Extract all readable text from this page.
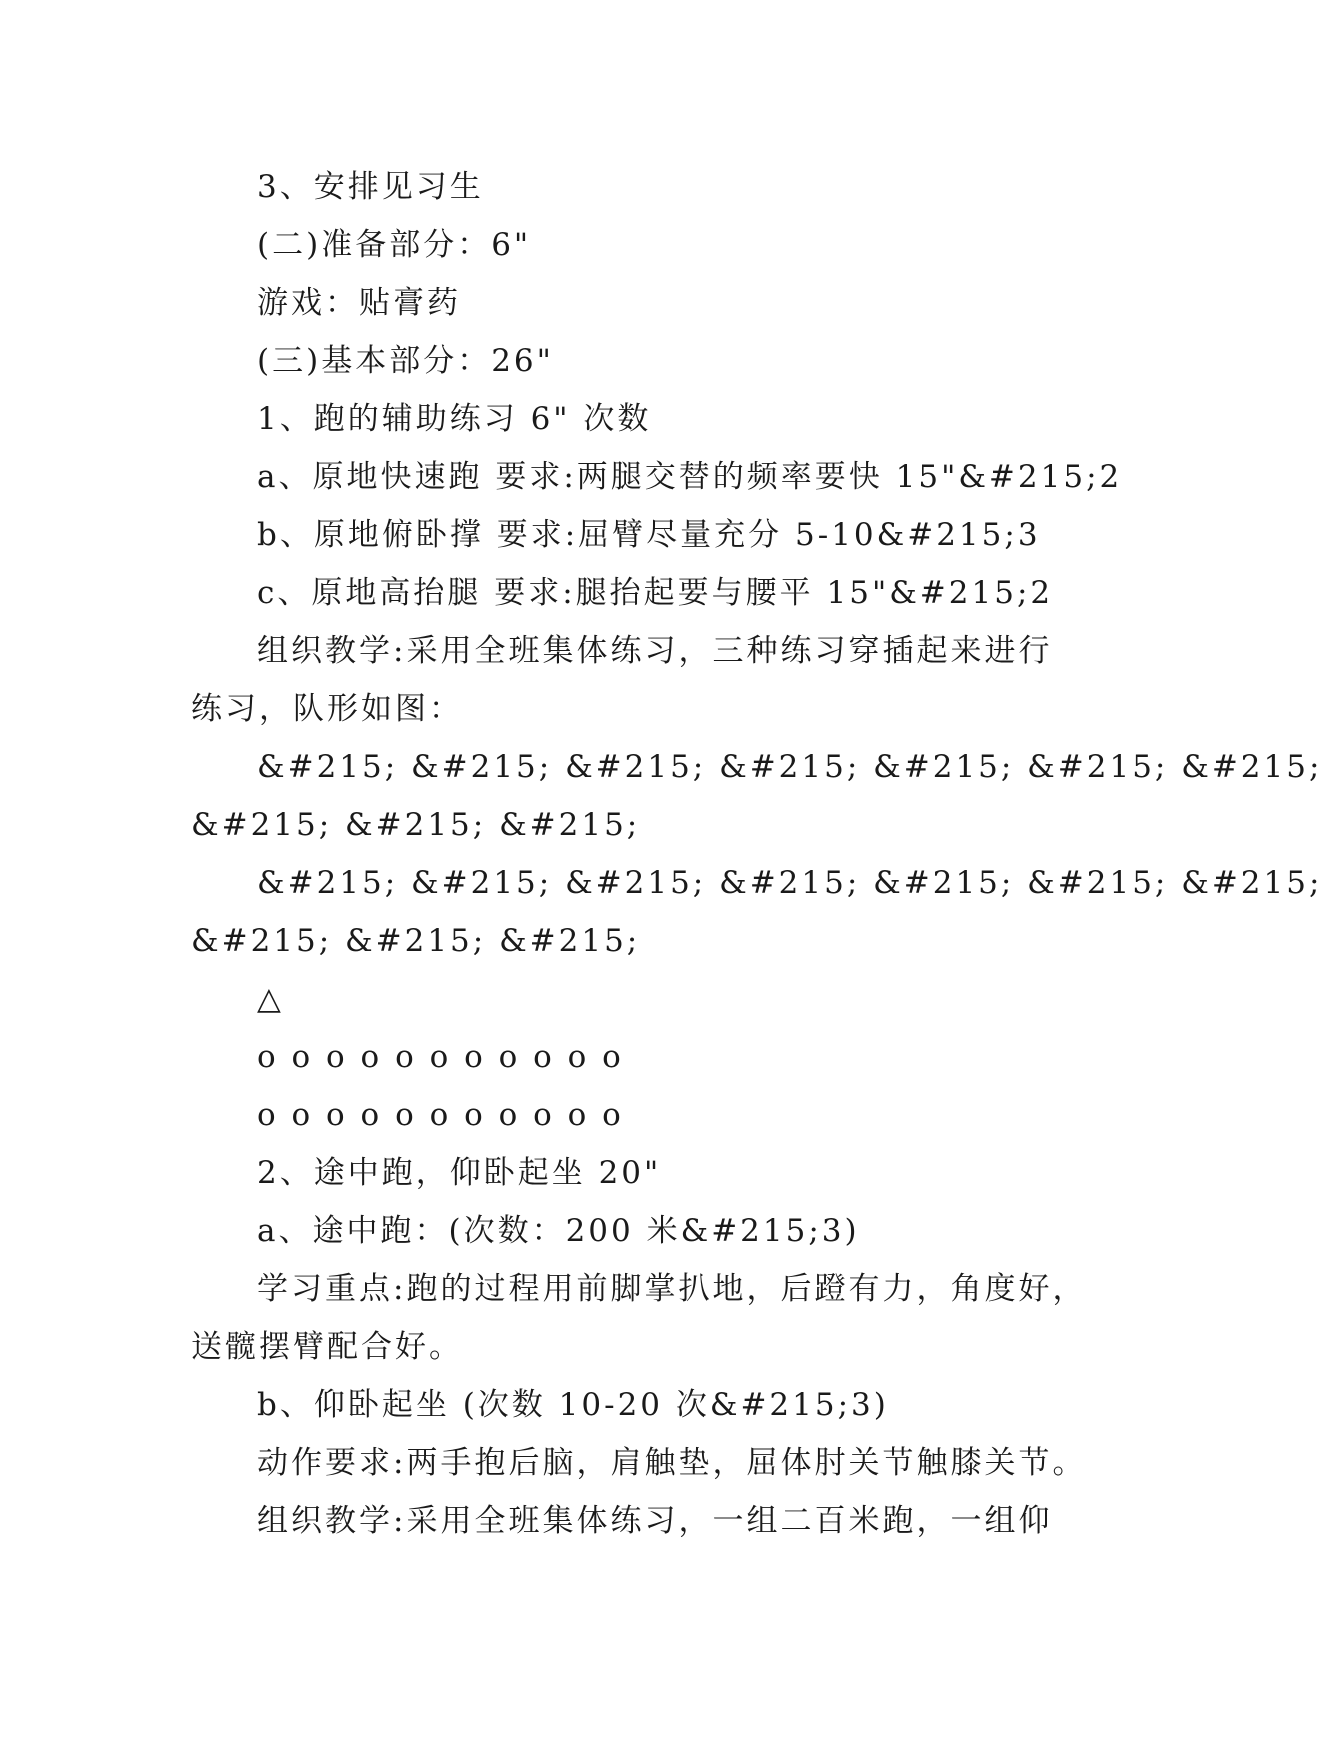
3、安排见习生
(二)准备部分：6"
游戏：贴膏药
(三)基本部分：26"
1、跑的辅助练习 6" 次数
a、原地快速跑 要求:两腿交替的频率要快 15"&#215;2
b、原地俯卧撑 要求:屈臂尽量充分 5-10&#215;3
c、原地高抬腿 要求:腿抬起要与腰平 15"&#215;2
组织教学:采用全班集体练习，三种练习穿插起来进行
练习，队形如图：
&#215; &#215; &#215; &#215; &#215; &#215; &#215;
&#215; &#215; &#215;
&#215; &#215; &#215; &#215; &#215; &#215; &#215;
&#215; &#215; &#215;
△
o o o o o o o o o o o
o o o o o o o o o o o
2、途中跑，仰卧起坐 20"
a、途中跑：(次数：200 米&#215;3)
学习重点:跑的过程用前脚掌扒地，后蹬有力，角度好，
送髋摆臂配合好。
b、仰卧起坐 (次数 10-20 次&#215;3)
动作要求:两手抱后脑，肩触垫，屈体肘关节触膝关节。
组织教学:采用全班集体练习，一组二百米跑，一组仰
